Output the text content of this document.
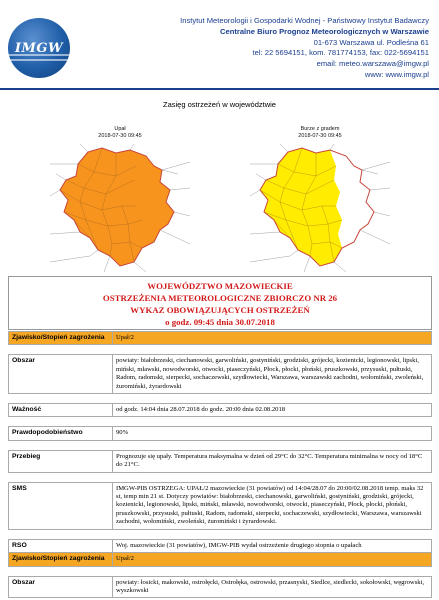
IMGW
Instytut Meteorologii i Gospodarki Wodnej - Państwowy Instytut Badawczy
Centralne Biuro Prognoz Meteorologicznych w Warszawie
01-673 Warszawa ul. Podleśna 61
tel: 22 5694151, kom. 781774153, fax: 022-5694151
email: meteo.warszawa@imgw.pl
www: www.imgw.pl
Zasięg ostrzeżeń w województwie
Upał
2018-07-30 09:45
Burze z gradem
2018-07-30 09:45
WOJEWÓDZTWO MAZOWIECKIE
OSTRZEŻENIA METEOROLOGICZNE ZBIORCZO NR 26
WYKAZ OBOWIĄZUJĄCYCH OSTRZEŻEŃ
o godz. 09:45 dnia 30.07.2018
Zjawisko/Stopień zagrożenia	Upał/2

Obszar	powiaty: białobrzeski, ciechanowski, garwoliński, gostyniński, grodziski, grójecki, kozienicki, legionowski, lipski, miński, mławski, nowodworski, otwocki, piaseczyński, Płock, płocki, płoński, pruszkowski, przysuski, pułtuski, Radom, radomski, sierpecki, sochaczewski, szydłowiecki, Warszawa, warszawski zachodni, wołomiński, zwoleński, żuromiński, żyrardowski

Ważność	od godz. 14:04 dnia 28.07.2018 do godz. 20:00 dnia 02.08.2018

Prawdopodobieństwo	90%

Przebieg	Prognozuje się upały. Temperatura maksymalna w dzień od 29°C do 32°C. Temperatura minimalna w nocy od 18°C do 21°C.

SMS	IMGW-PIB OSTRZEGA: UPAŁ/2 mazowieckie (31 powiatów) od 14:04/28.07 do 20:00/02.08.2018 temp. maks 32 st, temp min 21 st. Dotyczy powiatów: białobrzeski, ciechanowski, garwoliński, gostyniński, grodziski, grójecki, kozienicki, legionowski, lipski, miński, mławski, nowodworski, otwocki, piaseczyński, Płock, płocki, płoński, pruszkowski, przysuski, pułtuski, Radom, radomski, sierpecki, sochaczewski, szydłowiecki, Warszawa, warszawski zachodni, wołomiński, zwoleński, żuromiński i żyrardowski.

RSO	Woj. mazowieckie (31 powiatów), IMGW-PIB wydał ostrzeżenie drugiego stopnia o upałach
Zjawisko/Stopień zagrożenia	Upał/2

Obszar	powiaty: łosicki, makowski, ostrołęcki, Ostrołęka, ostrowski, przasnyski, Siedlce, siedlecki, sokołowski, węgrowski, wyszkowski
